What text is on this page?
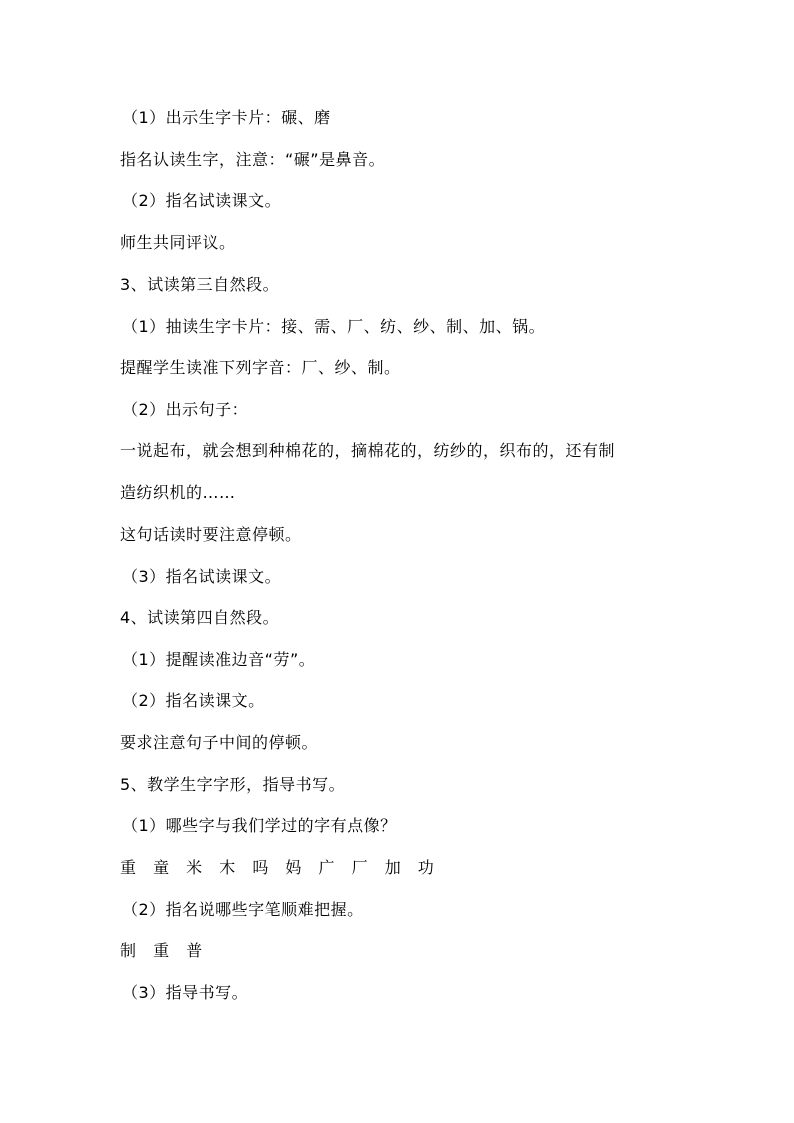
（1）出示生字卡片：碾、磨
指名认读生字，注意：“碾”是鼻音。
（2）指名试读课文。
师生共同评议。
3、试读第三自然段。
（1）抽读生字卡片：接、需、厂、纺、纱、制、加、锅。
提醒学生读准下列字音：厂、纱、制。
（2）出示句子：
一说起布，就会想到种棉花的，摘棉花的，纺纱的，织布的，还有制
造纺织机的……
这句话读时要注意停顿。
（3）指名试读课文。
4、试读第四自然段。
（1）提醒读准边音“劳”。
（2）指名读课文。
要求注意句子中间的停顿。
5、教学生字字形，指导书写。
（1）哪些字与我们学过的字有点像？
重 童 米 木 吗 妈 广 厂 加 功
（2）指名说哪些字笔顺难把握。
制 重 普
（3）指导书写。
